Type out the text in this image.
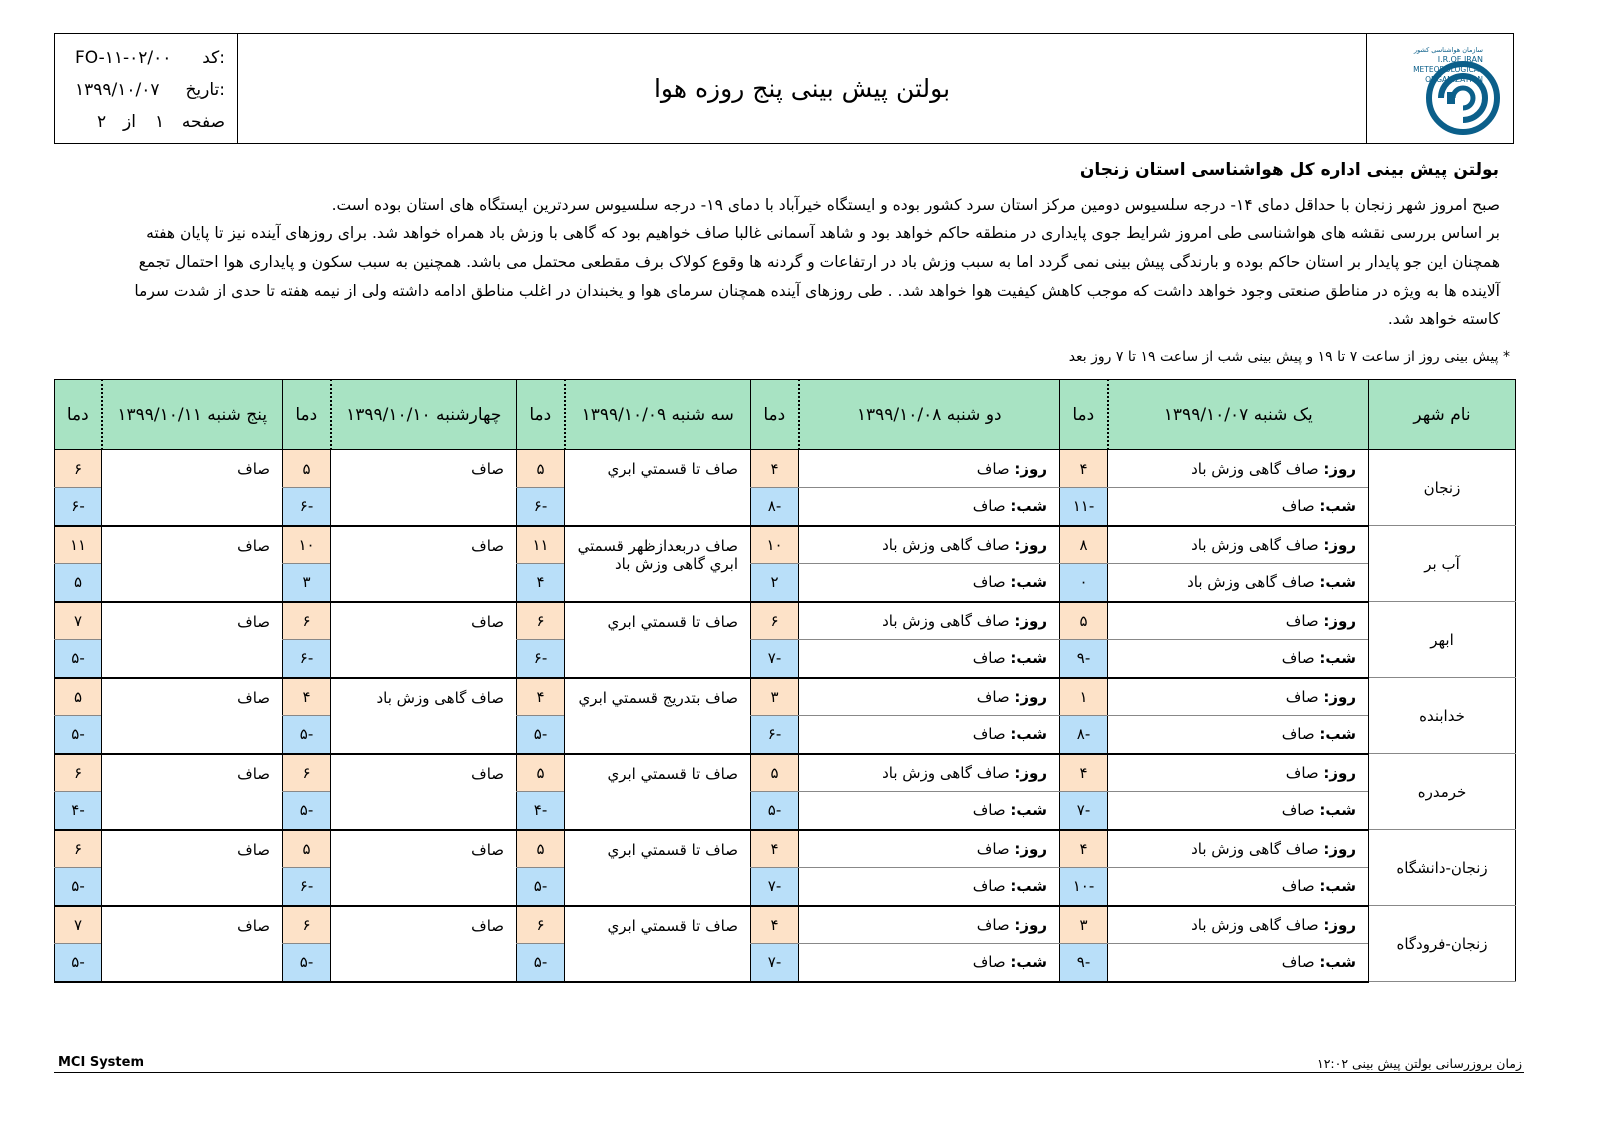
کد:
FO-۱۱-۰۲/۰۰
تاریخ:
۱۳۹۹/۱۰/۰۷
صفحه
۱
از
۲
بولتن پیش بینی پنج روزه هوا
سازمان هواشناسی کشور
I.R.OF IRAN
METEOROLOGICAL
ORGANIZATION
بولتن پیش بینی اداره کل هواشناسی استان زنجان
صبح امروز شهر زنجان با حداقل دمای ۱۴- درجه سلسیوس دومین مرکز استان سرد کشور بوده و ایستگاه خیرآباد با دمای ۱۹- درجه سلسیوس سردترین ایستگاه های استان بوده است.
بر اساس بررسی نقشه های هواشناسی طی امروز شرایط جوی پایداری در منطقه حاکم خواهد بود و شاهد آسمانی غالبا صاف خواهیم بود که گاهی با وزش باد همراه خواهد شد. برای روزهای آینده نیز تا پایان هفته
همچنان این جو پایدار بر استان حاکم بوده و بارندگی پیش بینی نمی گردد اما به سبب وزش باد در ارتفاعات و گردنه ها وقوع کولاک برف مقطعی محتمل می باشد. همچنین به سبب سکون و پایداری هوا احتمال تجمع
آلاینده ها به ویژه در مناطق صنعتی وجود خواهد داشت که موجب کاهش کیفیت هوا خواهد شد. . طی روزهای آینده همچنان سرمای هوا و یخبندان در اغلب مناطق ادامه داشته ولی از نیمه هفته تا حدی از شدت سرما
کاسته خواهد شد.
* پیش بینی روز از ساعت ۷ تا ۱۹ و پیش بینی شب از ساعت ۱۹ تا ۷ روز بعد
نام شهر	یک شنبه ۱۳۹۹/۱۰/۰۷	دما	دو شنبه ۱۳۹۹/۱۰/۰۸	دما	سه شنبه ۱۳۹۹/۱۰/۰۹	دما	چهارشنبه ۱۳۹۹/۱۰/۱۰	دما	پنج شنبه ۱۳۹۹/۱۰/۱۱	دما
زنجان	روز: صاف گاهی وزش باد	۴	روز: صاف	۴	صاف تا قسمتي ابري	۵	صاف	۵	صاف	۶
	شب: صاف	-۱۱	شب: صاف	-۸		-۶		-۶		-۶
آب بر	روز: صاف گاهی وزش باد	۸	روز: صاف گاهی وزش باد	۱۰	صاف دربعدازظهر قسمتي ابري گاهی وزش باد	۱۱	صاف	۱۰	صاف	۱۱
	شب: صاف گاهی وزش باد	۰	شب: صاف	۲		۴		۳		۵
ابهر	روز: صاف	۵	روز: صاف گاهی وزش باد	۶	صاف تا قسمتي ابري	۶	صاف	۶	صاف	۷
	شب: صاف	-۹	شب: صاف	-۷		-۶		-۶		-۵
خدابنده	روز: صاف	۱	روز: صاف	۳	صاف بتدريج قسمتي ابري	۴	صاف گاهی وزش باد	۴	صاف	۵
	شب: صاف	-۸	شب: صاف	-۶		-۵		-۵		-۵
خرمدره	روز: صاف	۴	روز: صاف گاهی وزش باد	۵	صاف تا قسمتي ابري	۵	صاف	۶	صاف	۶
	شب: صاف	-۷	شب: صاف	-۵		-۴		-۵		-۴
زنجان-دانشگاه	روز: صاف گاهی وزش باد	۴	روز: صاف	۴	صاف تا قسمتي ابري	۵	صاف	۵	صاف	۶
	شب: صاف	-۱۰	شب: صاف	-۷		-۵		-۶		-۵
زنجان-فرودگاه	روز: صاف گاهی وزش باد	۳	روز: صاف	۴	صاف تا قسمتي ابري	۶	صاف	۶	صاف	۷
	شب: صاف	-۹	شب: صاف	-۷		-۵		-۵		-۵
MCI System	زمان بروزرسانی بولتن پیش بینی ۱۲:۰۲
